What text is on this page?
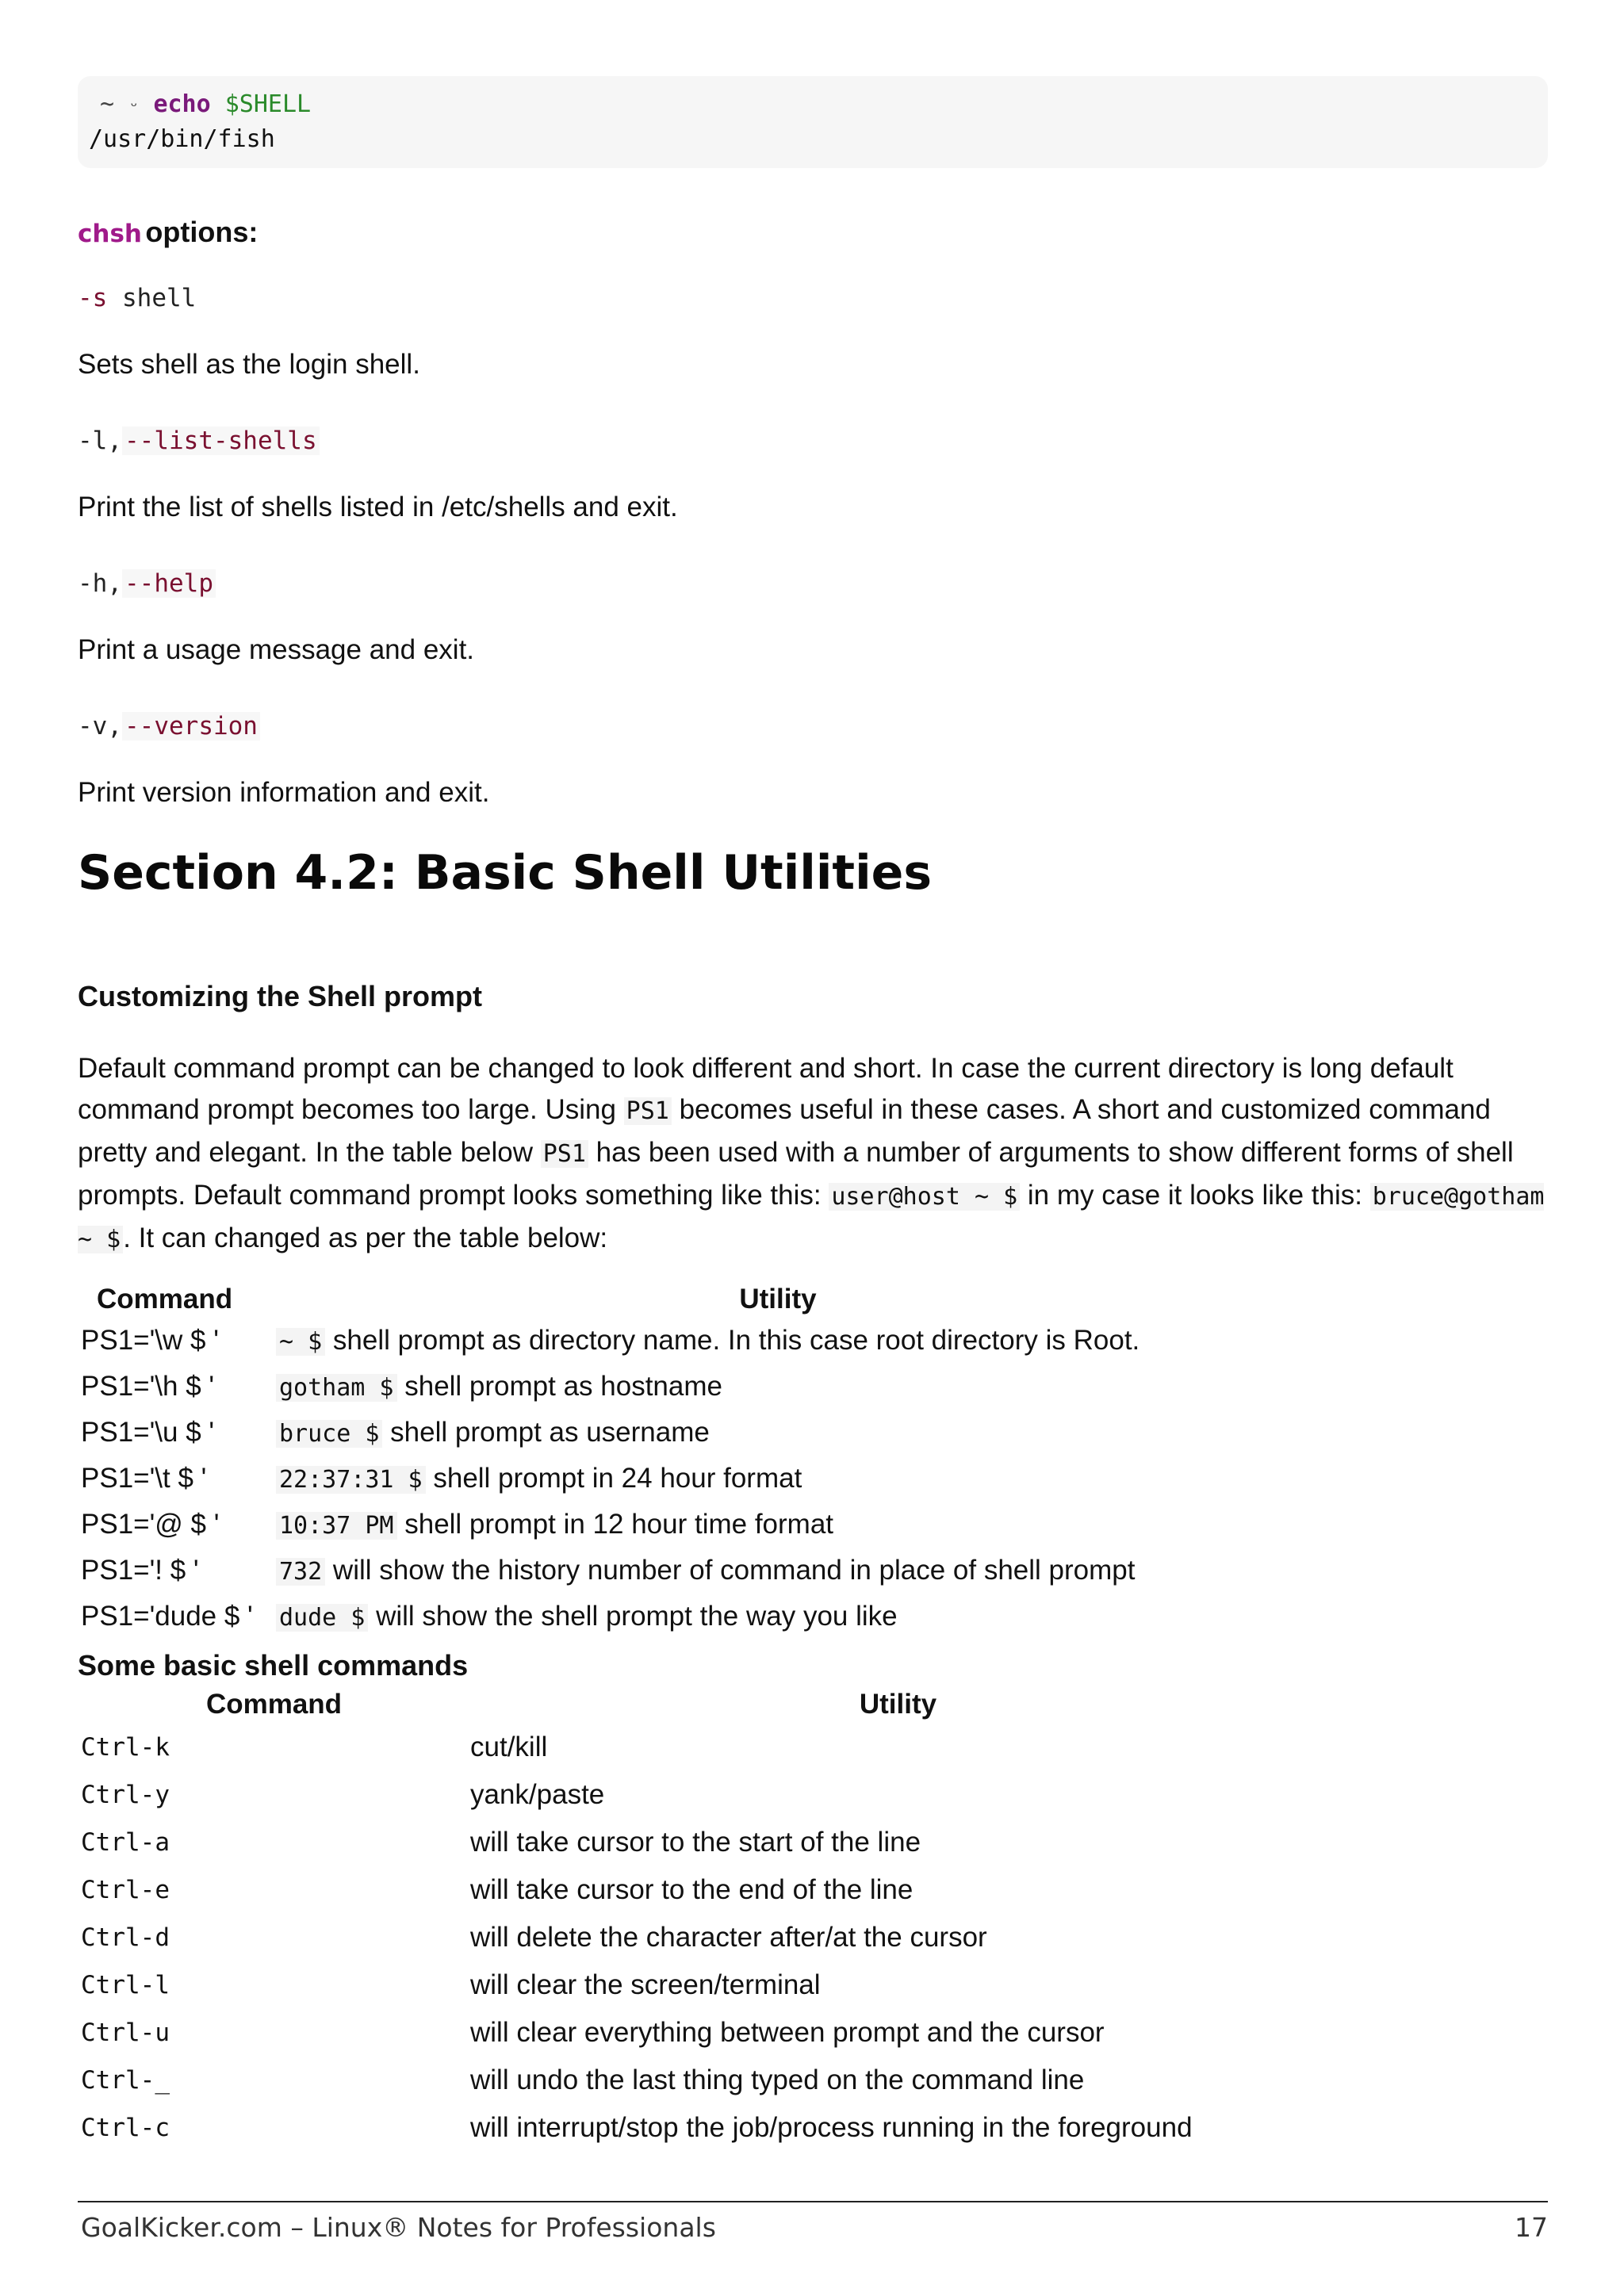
~ ᵕ echo $SHELL
/usr/bin/fish
chsh options:
-s shell
Sets shell as the login shell.
-l,--list-shells
Print the list of shells listed in /etc/shells and exit.
-h,--help
Print a usage message and exit.
-v,--version
Print version information and exit.
Section 4.2: Basic Shell Utilities
Customizing the Shell prompt
Default command prompt can be changed to look different and short. In case the current directory is long default command prompt becomes too large. Using PS1 becomes useful in these cases. A short and customized command pretty and elegant. In the table below PS1 has been used with a number of arguments to show different forms of shell prompts. Default command prompt looks something like this: user@host ~ $ in my case it looks like this: bruce@gotham ~ $. It can changed as per the table below:
Command	Utility
PS1='\w $ '	~ $ shell prompt as directory name. In this case root directory is Root.
PS1='\h $ '	gotham $ shell prompt as hostname
PS1='\u $ '	bruce $ shell prompt as username
PS1='\t $ '	22:37:31 $ shell prompt in 24 hour format
PS1='@ $ '	10:37 PM shell prompt in 12 hour time format
PS1='! $ '	732 will show the history number of command in place of shell prompt
PS1='dude $ '	dude $ will show the shell prompt the way you like
Some basic shell commands
Command	Utility
Ctrl-k	cut/kill
Ctrl-y	yank/paste
Ctrl-a	will take cursor to the start of the line
Ctrl-e	will take cursor to the end of the line
Ctrl-d	will delete the character after/at the cursor
Ctrl-l	will clear the screen/terminal
Ctrl-u	will clear everything between prompt and the cursor
Ctrl-_	will undo the last thing typed on the command line
Ctrl-c	will interrupt/stop the job/process running in the foreground
GoalKicker.com – Linux® Notes for Professionals	17
